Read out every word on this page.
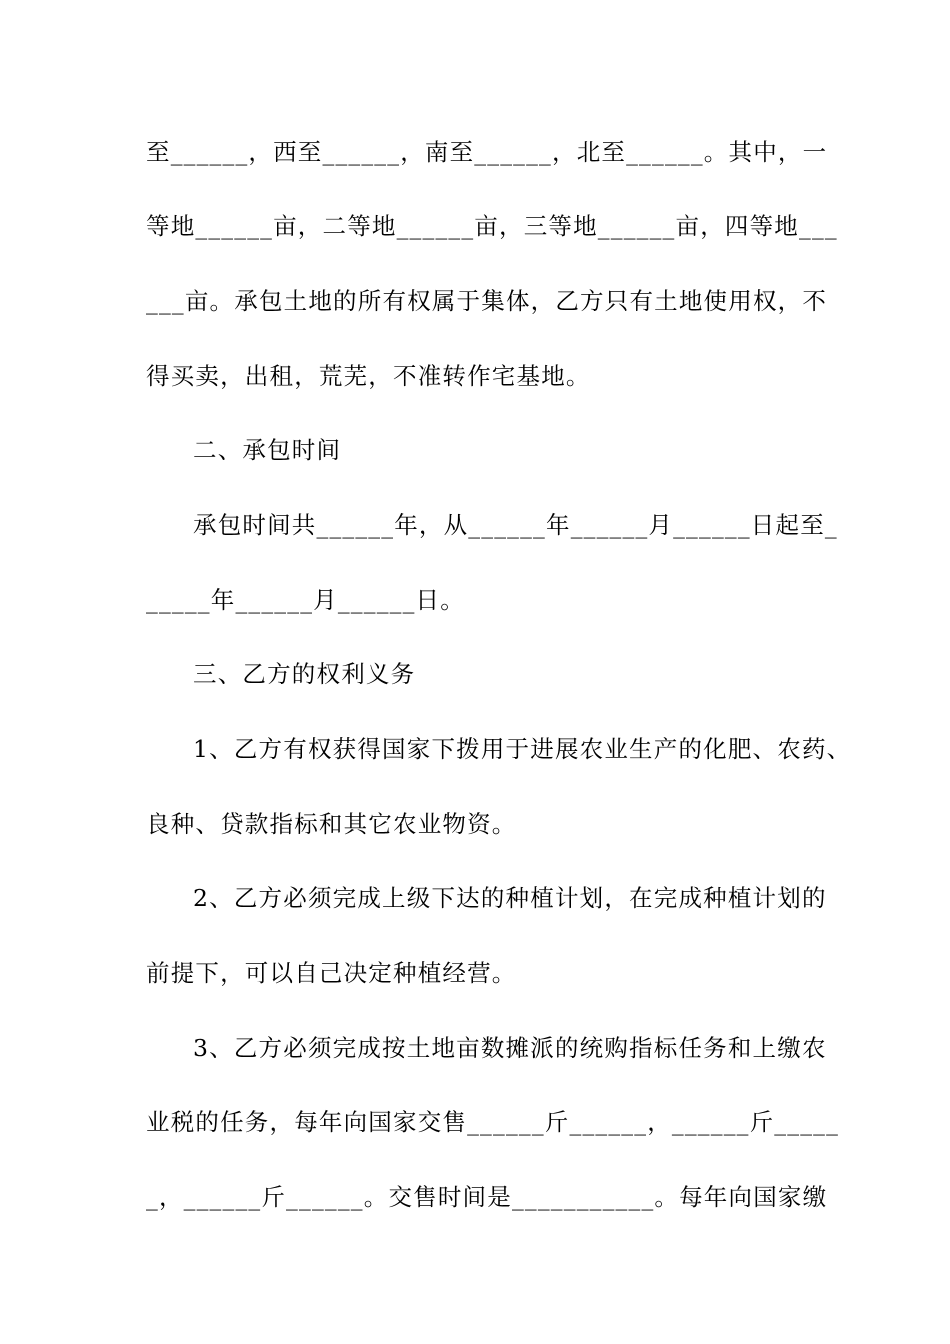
至______，西至______，南至______，北至______。其中，一
等地______亩，二等地______亩，三等地______亩，四等地___
___亩。承包土地的所有权属于集体，乙方只有土地使用权，不
得买卖，出租，荒芜，不准转作宅基地。
二、承包时间
承包时间共______年，从______年______月______日起至_
_____年______月______日。
三、乙方的权利义务
1、乙方有权获得国家下拨用于进展农业生产的化肥、农药、
良种、贷款指标和其它农业物资。
2、乙方必须完成上级下达的种植计划，在完成种植计划的
前提下，可以自己决定种植经营。
3、乙方必须完成按土地亩数摊派的统购指标任务和上缴农
业税的任务，每年向国家交售______斤______，______斤_____
_，______斤______。交售时间是___________。每年向国家缴
